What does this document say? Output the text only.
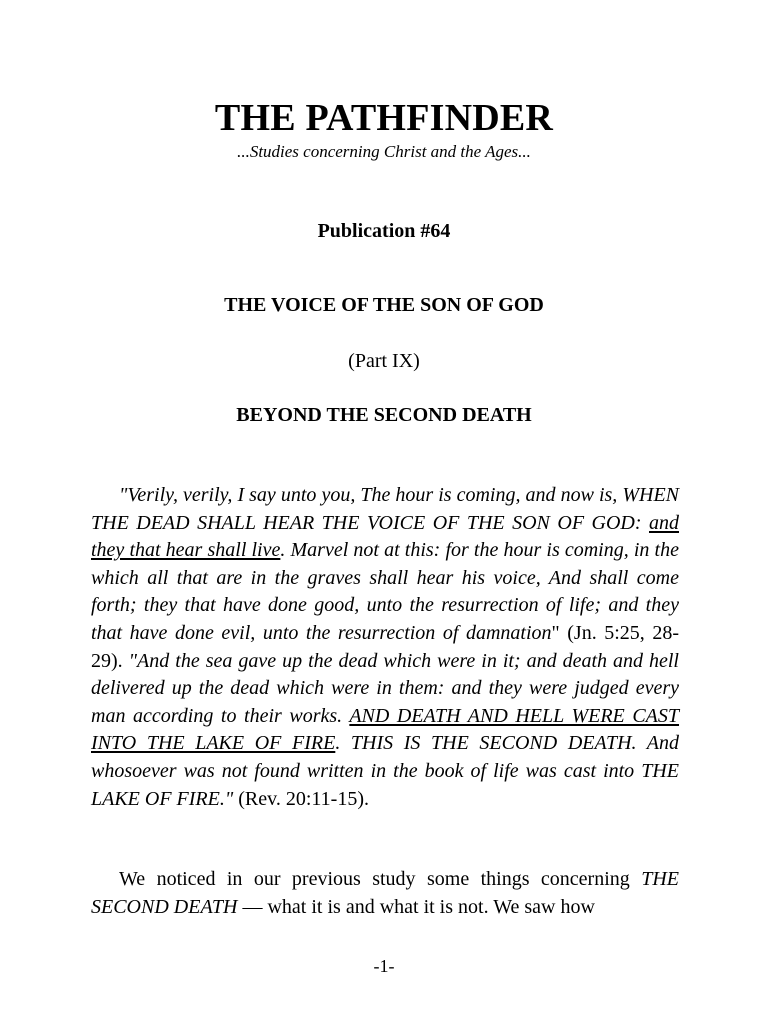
THE PATHFINDER
...Studies concerning Christ and the Ages...
Publication #64
THE VOICE OF THE SON OF GOD
(Part IX)
BEYOND THE SECOND DEATH
"Verily, verily, I say unto you, The hour is coming, and now is, WHEN THE DEAD SHALL HEAR THE VOICE OF THE SON OF GOD: and they that hear shall live. Marvel not at this: for the hour is coming, in the which all that are in the graves shall hear his voice, And shall come forth; they that have done good, unto the resurrection of life; and they that have done evil, unto the resurrection of damnation" (Jn. 5:25, 28-29). "And the sea gave up the dead which were in it; and death and hell delivered up the dead which were in them: and they were judged every man according to their works. AND DEATH AND HELL WERE CAST INTO THE LAKE OF FIRE. THIS IS THE SECOND DEATH. And whosoever was not found written in the book of life was cast into THE LAKE OF FIRE." (Rev. 20:11-15).
We noticed in our previous study some things concerning THE SECOND DEATH — what it is and what it is not. We saw how
-1-
